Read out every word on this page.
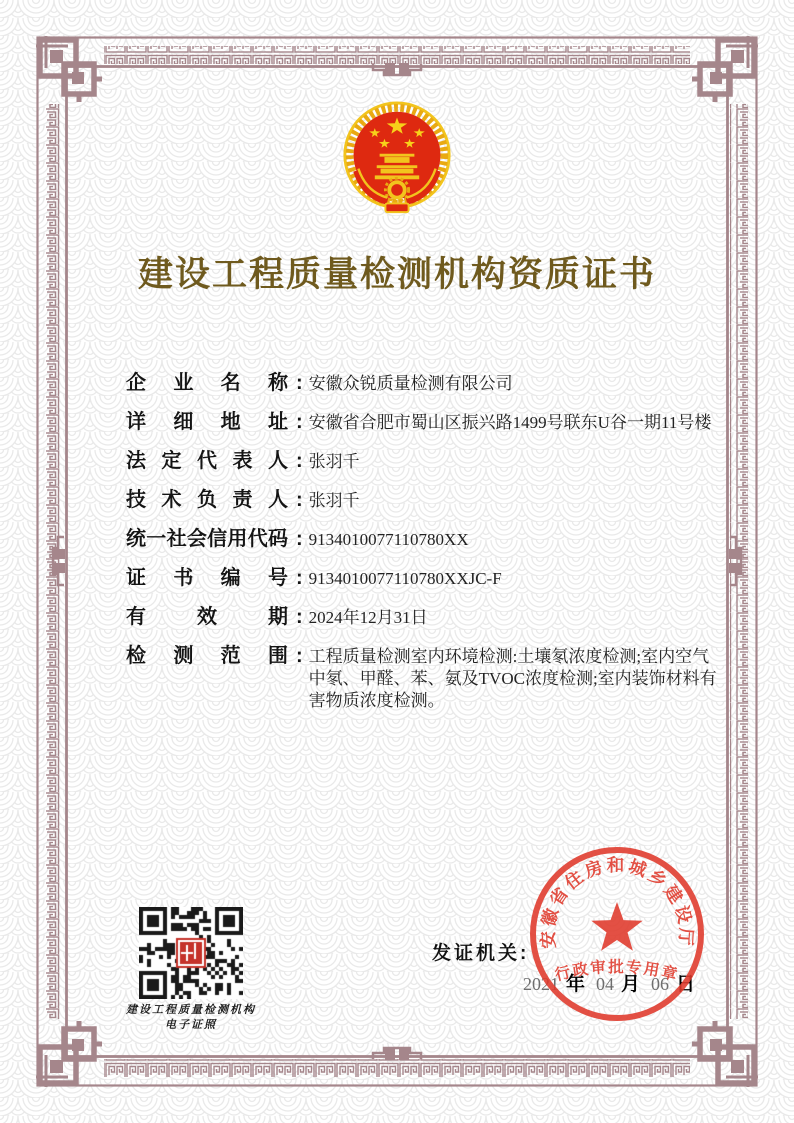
建设工程质量检测机构资质证书
企业名称 : 安徽众锐质量检测有限公司
详细地址 : 安徽省合肥市蜀山区振兴路1499号联东U谷一期11号楼
法定代表人 : 张羽千
技术负责人 : 张羽千
统一社会信用代码 : 9134010077110780XX
证书编号 : 9134010077110780XXJC-F
有效期 : 2024年12月31日
检测范围 : 工程质量检测室内环境检测:土壤氡浓度检测;室内空气中氡、甲醛、苯、氨及TVOC浓度检测;室内装饰材料有害物质浓度检测。
建设工程质量检测机构
电子证照
发证机关:
2021 年 04 月 06 日
安徽省住房和城乡建设厅
行政审批专用章
